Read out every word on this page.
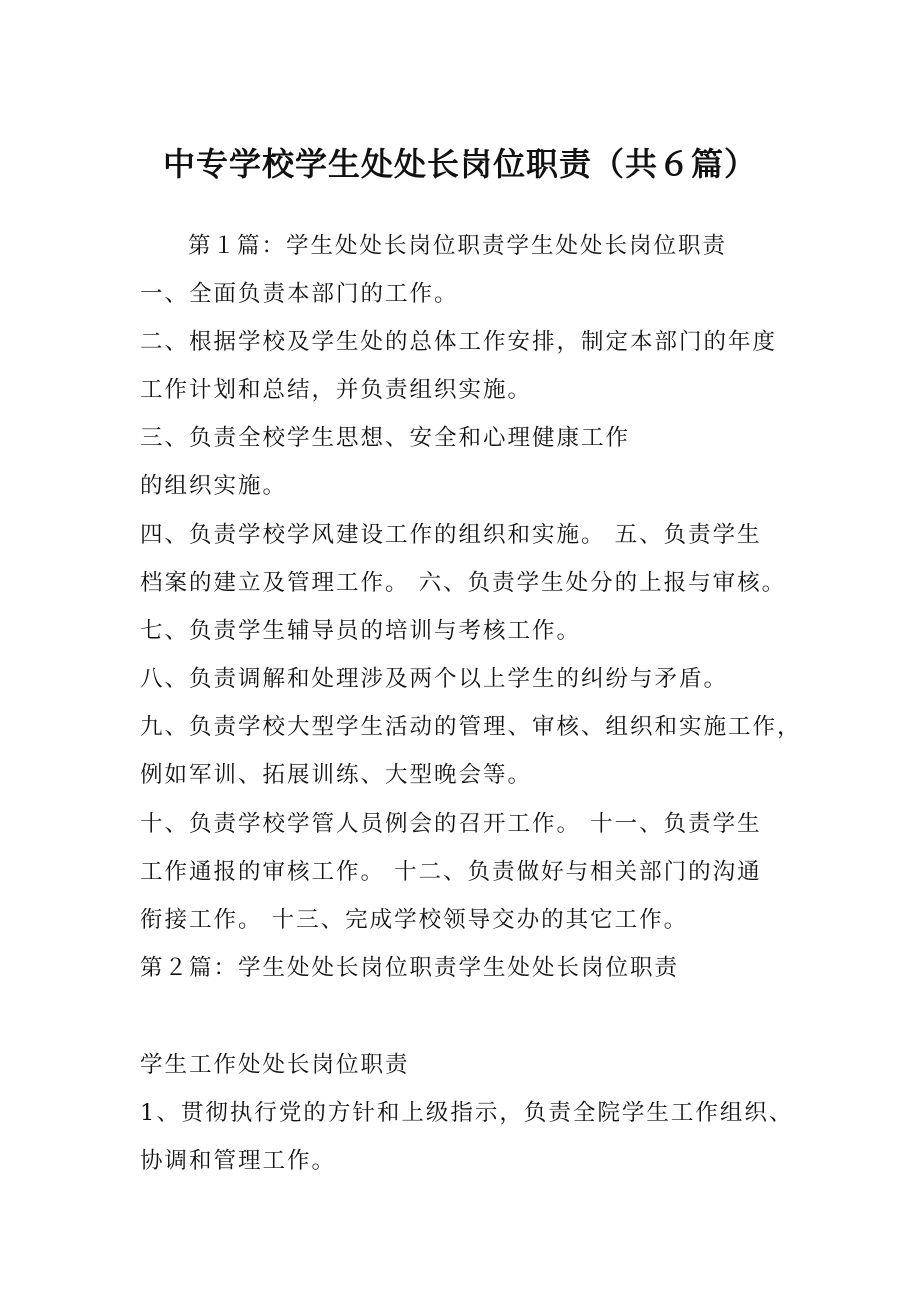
中专学校学生处处长岗位职责（共６篇）
第１篇：学生处处长岗位职责学生处处长岗位职责
一、全面负责本部门的工作。
二、根据学校及学生处的总体工作安排，制定本部门的年度
工作计划和总结，并负责组织实施。
三、负责全校学生思想、安全和心理健康工作
的组织实施。
四、负责学校学风建设工作的组织和实施。 五、负责学生
档案的建立及管理工作。 六、负责学生处分的上报与审核。
七、负责学生辅导员的培训与考核工作。
八、负责调解和处理涉及两个以上学生的纠纷与矛盾。
九、负责学校大型学生活动的管理、审核、组织和实施工作，
例如军训、拓展训练、大型晚会等。
十、负责学校学管人员例会的召开工作。 十一、负责学生
工作通报的审核工作。 十二、负责做好与相关部门的沟通
衔接工作。 十三、完成学校领导交办的其它工作。
第２篇：学生处处长岗位职责学生处处长岗位职责
学生工作处处长岗位职责
1、贯彻执行党的方针和上级指示，负责全院学生工作组织、
协调和管理工作。
